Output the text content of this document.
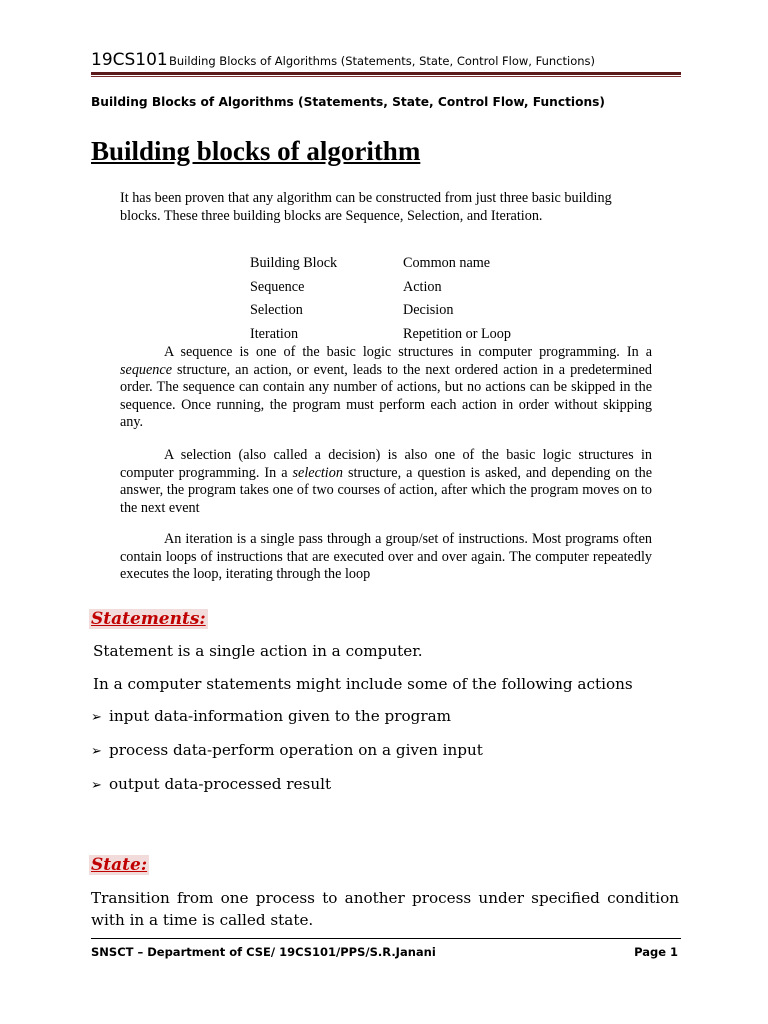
19CS101 Building Blocks of Algorithms (Statements, State, Control Flow, Functions)
Building Blocks of Algorithms (Statements, State, Control Flow, Functions)
Building blocks of algorithm
It has been proven that any algorithm can be constructed from just three basic building blocks. These three building blocks are Sequence, Selection, and Iteration.
Building Block	Common name
Sequence	Action
Selection	Decision
Iteration	Repetition or Loop
A sequence is one of the basic logic structures in computer programming. In a sequence structure, an action, or event, leads to the next ordered action in a predetermined order. The sequence can contain any number of actions, but no actions can be skipped in the sequence. Once running, the program must perform each action in order without skipping any.
A selection (also called a decision) is also one of the basic logic structures in computer programming. In a selection structure, a question is asked, and depending on the answer, the program takes one of two courses of action, after which the program moves on to the next event
An iteration is a single pass through a group/set of instructions. Most programs often contain loops of instructions that are executed over and over again. The computer repeatedly executes the loop, iterating through the loop
Statements:
Statement is a single action in a computer.
In a computer statements might include some of the following actions
➢ input data-information given to the program
➢ process data-perform operation on a given input
➢ output data-processed result
State:
Transition from one process to another process under specified condition with in a time is called state.
SNSCT – Department of CSE/ 19CS101/PPS/S.R.Janani	Page 1
